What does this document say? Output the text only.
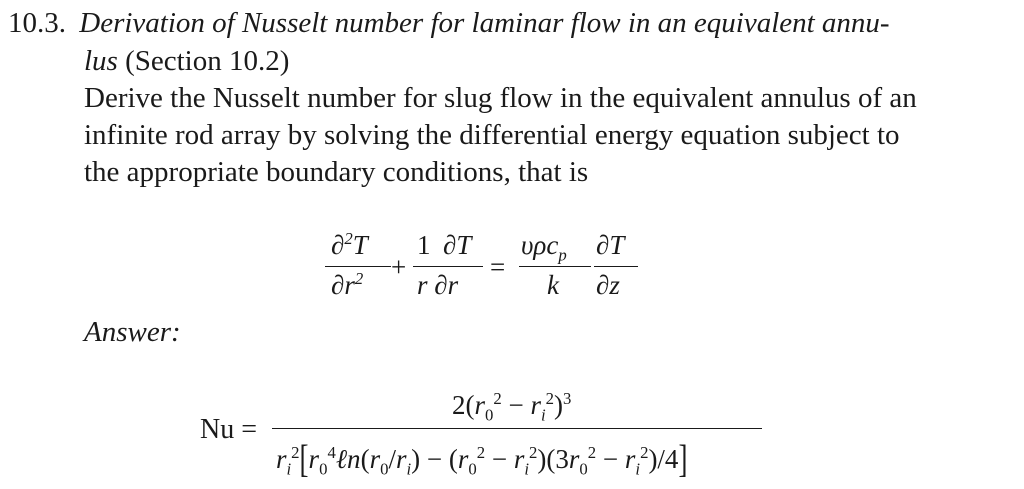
10.3. Derivation of Nusselt number for laminar flow in an equivalent annu-
lus (Section 10.2)
Derive the Nusselt number for slug flow in the equivalent annulus of an
infinite rod array by solving the differential energy equation subject to
the appropriate boundary conditions, that is
∂$^2$T
$\partial r^2$ +
1 ∂T
r ∂r
=
υρc$_p$
k
∂T
∂z
Answer:
Nu =
$2(r_0^2 - r_i^2)^3$
$r_i^2[r_0^4\ell n(r_0/r_i) - (r_0^2 - r_i^2)(3r_0^2 - r_i^2)/4]$
